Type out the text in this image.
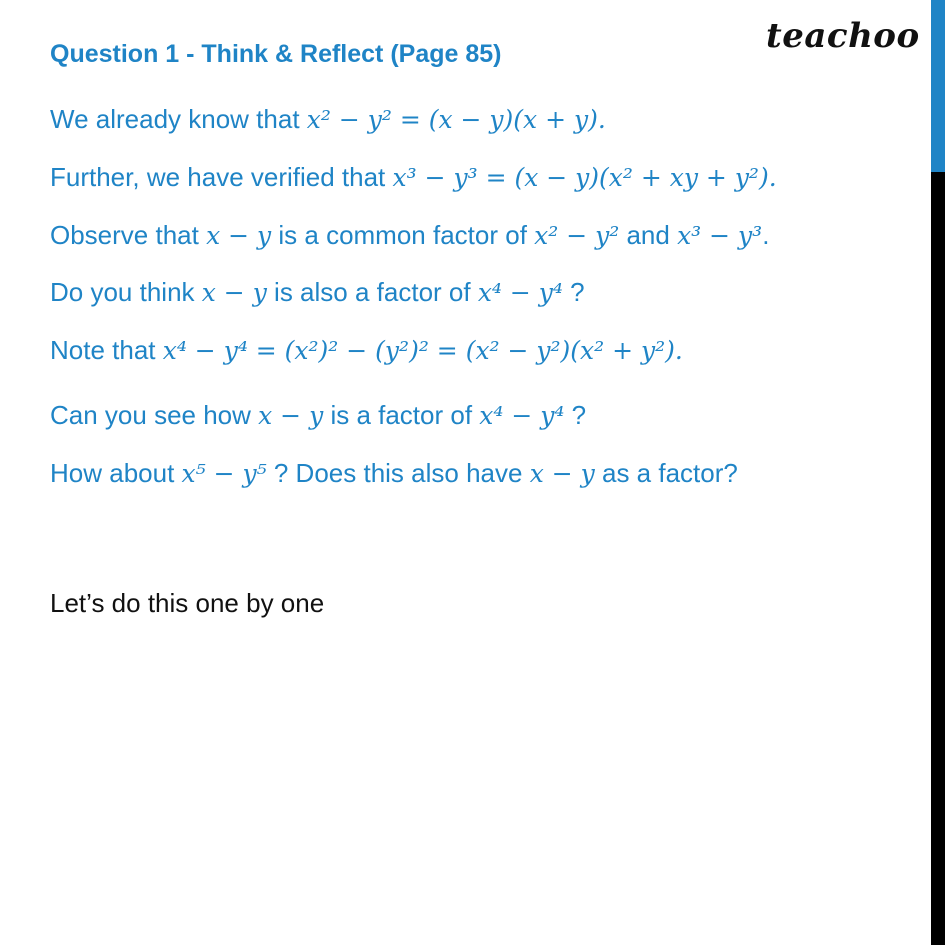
teachoo
Question 1 - Think & Reflect (Page 85)
We already know that x² − y² = (x − y)(x + y).
Further, we have verified that x³ − y³ = (x − y)(x² + xy + y²).
Observe that x − y is a common factor of x² − y² and x³ − y³.
Do you think x − y is also a factor of x⁴ − y⁴ ?
Note that x⁴ − y⁴ = (x²)² − (y²)² = (x² − y²)(x² + y²).
Can you see how x − y is a factor of x⁴ − y⁴ ?
How about x⁵ − y⁵ ? Does this also have x − y as a factor?
Let’s do this one by one
